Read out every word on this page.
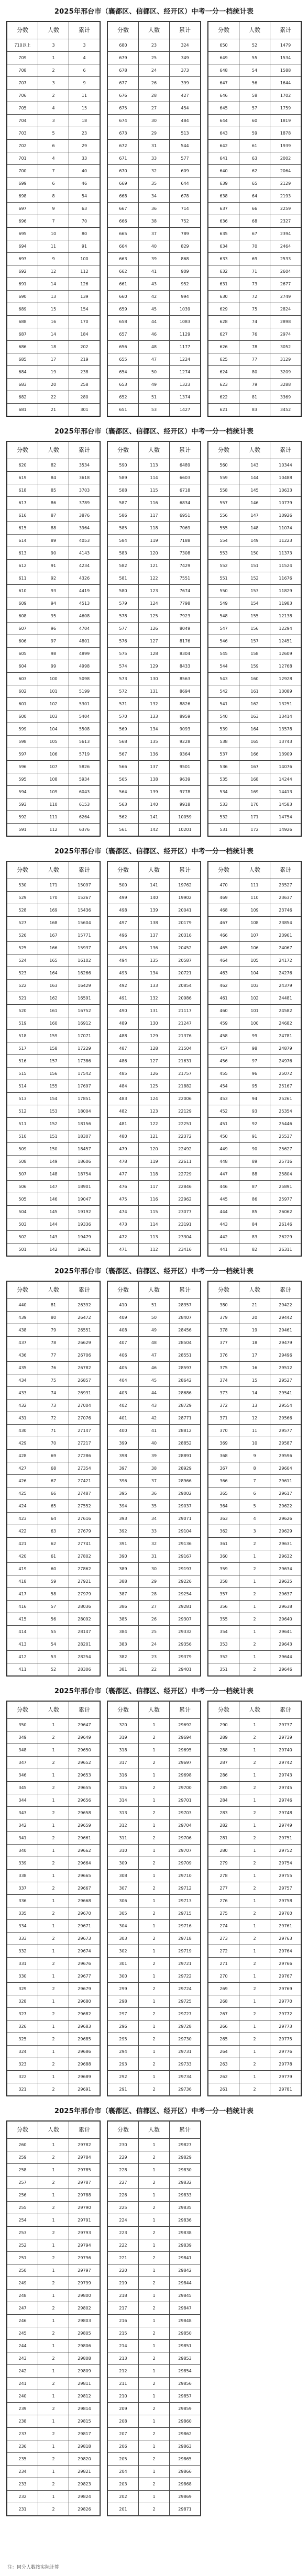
2025年邢台市（襄都区、信都区、经开区）中考一分一档统计表
分数	人数	累计
710以上	3	3
709	1	4
708	2	6
707	3	9
706	2	11
705	4	15
704	3	18
703	5	23
702	6	29
701	4	33
700	7	40
699	6	46
698	8	54
697	9	63
696	7	70
695	10	80
694	11	91
693	9	100
692	12	112
691	14	126
690	13	139
689	15	154
688	16	170
687	14	184
686	18	202
685	17	219
684	19	238
683	20	258
682	22	280
681	21	301
分数	人数	累计
680	23	324
679	25	349
678	24	373
677	26	399
676	28	427
675	27	454
674	30	484
673	29	513
672	31	544
671	33	577
670	32	609
669	35	644
668	34	678
667	36	714
666	38	752
665	37	789
664	40	829
663	39	868
662	41	909
661	43	952
660	42	994
659	45	1039
658	44	1083
657	46	1129
656	48	1177
655	47	1224
654	50	1274
653	49	1323
652	51	1374
651	53	1427
分数	人数	累计
650	52	1479
649	55	1534
648	54	1588
647	56	1644
646	58	1702
645	57	1759
644	60	1819
643	59	1878
642	61	1939
641	63	2002
640	62	2064
639	65	2129
638	64	2193
637	66	2259
636	68	2327
635	67	2394
634	70	2464
633	69	2533
632	71	2604
631	73	2677
630	72	2749
629	75	2824
628	74	2898
627	76	2974
626	78	3052
625	77	3129
624	80	3209
623	79	3288
622	81	3369
621	83	3452
2025年邢台市（襄都区、信都区、经开区）中考一分一档统计表
分数	人数	累计
620	82	3534
619	84	3618
618	85	3703
617	86	3789
616	87	3876
615	88	3964
614	89	4053
613	90	4143
612	91	4234
611	92	4326
610	93	4419
609	94	4513
608	95	4608
607	96	4704
606	97	4801
605	98	4899
604	99	4998
603	100	5098
602	101	5199
601	102	5301
600	103	5404
599	104	5508
598	105	5613
597	106	5719
596	107	5826
595	108	5934
594	109	6043
593	110	6153
592	111	6264
591	112	6376
分数	人数	累计
590	113	6489
589	114	6603
588	115	6718
587	116	6834
586	117	6951
585	118	7069
584	119	7188
583	120	7308
582	121	7429
581	122	7551
580	123	7674
579	124	7798
578	125	7923
577	126	8049
576	127	8176
575	128	8304
574	129	8433
573	130	8563
572	131	8694
571	132	8826
570	133	8959
569	134	9093
568	135	9228
567	136	9364
566	137	9501
565	138	9639
564	139	9778
563	140	9918
562	141	10059
561	142	10201
分数	人数	累计
560	143	10344
559	144	10488
558	145	10633
557	146	10779
556	147	10926
555	148	11074
554	149	11223
553	150	11373
552	151	11524
551	152	11676
550	153	11829
549	154	11983
548	155	12138
547	156	12294
546	157	12451
545	158	12609
544	159	12768
543	160	12928
542	161	13089
541	162	13251
540	163	13414
539	164	13578
538	165	13743
537	166	13909
536	167	14076
535	168	14244
534	169	14413
533	170	14583
532	171	14754
531	172	14926
2025年邢台市（襄都区、信都区、经开区）中考一分一档统计表
分数	人数	累计
530	171	15097
529	170	15267
528	169	15436
527	168	15604
526	167	15771
525	166	15937
524	165	16102
523	164	16266
522	163	16429
521	162	16591
520	161	16752
519	160	16912
518	159	17071
517	158	17229
516	157	17386
515	156	17542
514	155	17697
513	154	17851
512	153	18004
511	152	18156
510	151	18307
509	150	18457
508	149	18606
507	148	18754
506	147	18901
505	146	19047
504	145	19192
503	144	19336
502	143	19479
501	142	19621
分数	人数	累计
500	141	19762
499	140	19902
498	139	20041
497	138	20179
496	137	20316
495	136	20452
494	135	20587
493	134	20721
492	133	20854
491	132	20986
490	131	21117
489	130	21247
488	129	21376
487	128	21504
486	127	21631
485	126	21757
484	125	21882
483	124	22006
482	123	22129
481	122	22251
480	121	22372
479	120	22492
478	119	22611
477	118	22729
476	117	22846
475	116	22962
474	115	23077
473	114	23191
472	113	23304
471	112	23416
分数	人数	累计
470	111	23527
469	110	23637
468	109	23746
467	108	23854
466	107	23961
465	106	24067
464	105	24172
463	104	24276
462	103	24379
461	102	24481
460	101	24582
459	100	24682
458	99	24781
457	98	24879
456	97	24976
455	96	25072
454	95	25167
453	94	25261
452	93	25354
451	92	25446
450	91	25537
449	90	25627
448	89	25716
447	88	25804
446	87	25891
445	86	25977
444	85	26062
443	84	26146
442	83	26229
441	82	26311
2025年邢台市（襄都区、信都区、经开区）中考一分一档统计表
分数	人数	累计
440	81	26392
439	80	26472
438	79	26551
437	78	26629
436	77	26706
435	76	26782
434	75	26857
433	74	26931
432	73	27004
431	72	27076
430	71	27147
429	70	27217
428	69	27286
427	68	27354
426	67	27421
425	66	27487
424	65	27552
423	64	27616
422	63	27679
421	62	27741
420	61	27802
419	60	27862
418	59	27921
417	58	27979
416	57	28036
415	56	28092
414	55	28147
413	54	28201
412	53	28254
411	52	28306
分数	人数	累计
410	51	28357
409	50	28407
408	49	28456
407	48	28504
406	47	28551
405	46	28597
404	45	28642
403	44	28686
402	43	28729
401	42	28771
400	41	28812
399	40	28852
398	39	28891
397	38	28929
396	37	28966
395	36	29002
394	35	29037
393	34	29071
392	33	29104
391	32	29136
390	31	29167
389	30	29197
388	29	29226
387	28	29254
386	27	29281
385	26	29307
384	25	29332
383	24	29356
382	23	29379
381	22	29401
分数	人数	累计
380	21	29422
379	20	29442
378	19	29461
377	18	29479
376	17	29496
375	16	29512
374	15	29527
373	14	29541
372	13	29554
371	12	29566
370	11	29577
369	10	29587
368	9	29596
367	8	29604
366	7	29611
365	6	29617
364	5	29622
363	4	29626
362	3	29629
361	2	29631
360	1	29632
359	2	29634
358	1	29635
357	2	29637
356	1	29638
355	2	29640
354	1	29641
353	2	29643
352	1	29644
351	2	29646
2025年邢台市（襄都区、信都区、经开区）中考一分一档统计表
分数	人数	累计
350	1	29647
349	2	29649
348	1	29650
347	2	29652
346	1	29653
345	2	29655
344	1	29656
343	2	29658
342	1	29659
341	2	29661
340	1	29662
339	2	29664
338	1	29665
337	2	29667
336	1	29668
335	2	29670
334	1	29671
333	2	29673
332	1	29674
331	2	29676
330	1	29677
329	2	29679
328	1	29680
327	2	29682
326	1	29683
325	2	29685
324	1	29686
323	2	29688
322	1	29689
321	2	29691
分数	人数	累计
320	1	29692
319	2	29694
318	1	29695
317	2	29697
316	1	29698
315	2	29700
314	1	29701
313	2	29703
312	1	29704
311	2	29706
310	1	29707
309	2	29709
308	1	29710
307	2	29712
306	1	29713
305	2	29715
304	1	29716
303	2	29718
302	1	29719
301	2	29721
300	1	29722
299	2	29724
298	1	29725
297	2	29727
296	1	29728
295	2	29730
294	1	29731
293	2	29733
292	1	29734
291	2	29736
分数	人数	累计
290	1	29737
289	2	29739
288	1	29740
287	2	29742
286	1	29743
285	2	29745
284	1	29746
283	2	29748
282	1	29749
281	2	29751
280	1	29752
279	2	29754
278	1	29755
277	2	29757
276	1	29758
275	2	29760
274	1	29761
273	2	29763
272	1	29764
271	2	29766
270	1	29767
269	2	29769
268	1	29770
267	2	29772
266	1	29773
265	2	29775
264	1	29776
263	2	29778
262	1	29779
261	2	29781
2025年邢台市（襄都区、信都区、经开区）中考一分一档统计表
分数	人数	累计
260	1	29782
259	2	29784
258	1	29785
257	2	29787
256	1	29788
255	2	29790
254	1	29791
253	2	29793
252	1	29794
251	2	29796
250	1	29797
249	2	29799
248	1	29800
247	2	29802
246	1	29803
245	2	29805
244	1	29806
243	2	29808
242	1	29809
241	2	29811
240	1	29812
239	2	29814
238	1	29815
237	2	29817
236	1	29818
235	2	29820
234	1	29821
233	2	29823
232	1	29824
231	2	29826
分数	人数	累计
230	1	29827
229	2	29829
228	1	29830
227	2	29832
226	1	29833
225	2	29835
224	1	29836
223	2	29838
222	1	29839
221	2	29841
220	1	29842
219	2	29844
218	1	29845
217	2	29847
216	1	29848
215	2	29850
214	1	29851
213	2	29853
212	1	29854
211	2	29856
210	1	29857
209	2	29859
208	1	29860
207	2	29862
206	1	29863
205	2	29865
204	1	29866
203	2	29868
202	1	29869
201	2	29871
注：同分人数按实际计算
